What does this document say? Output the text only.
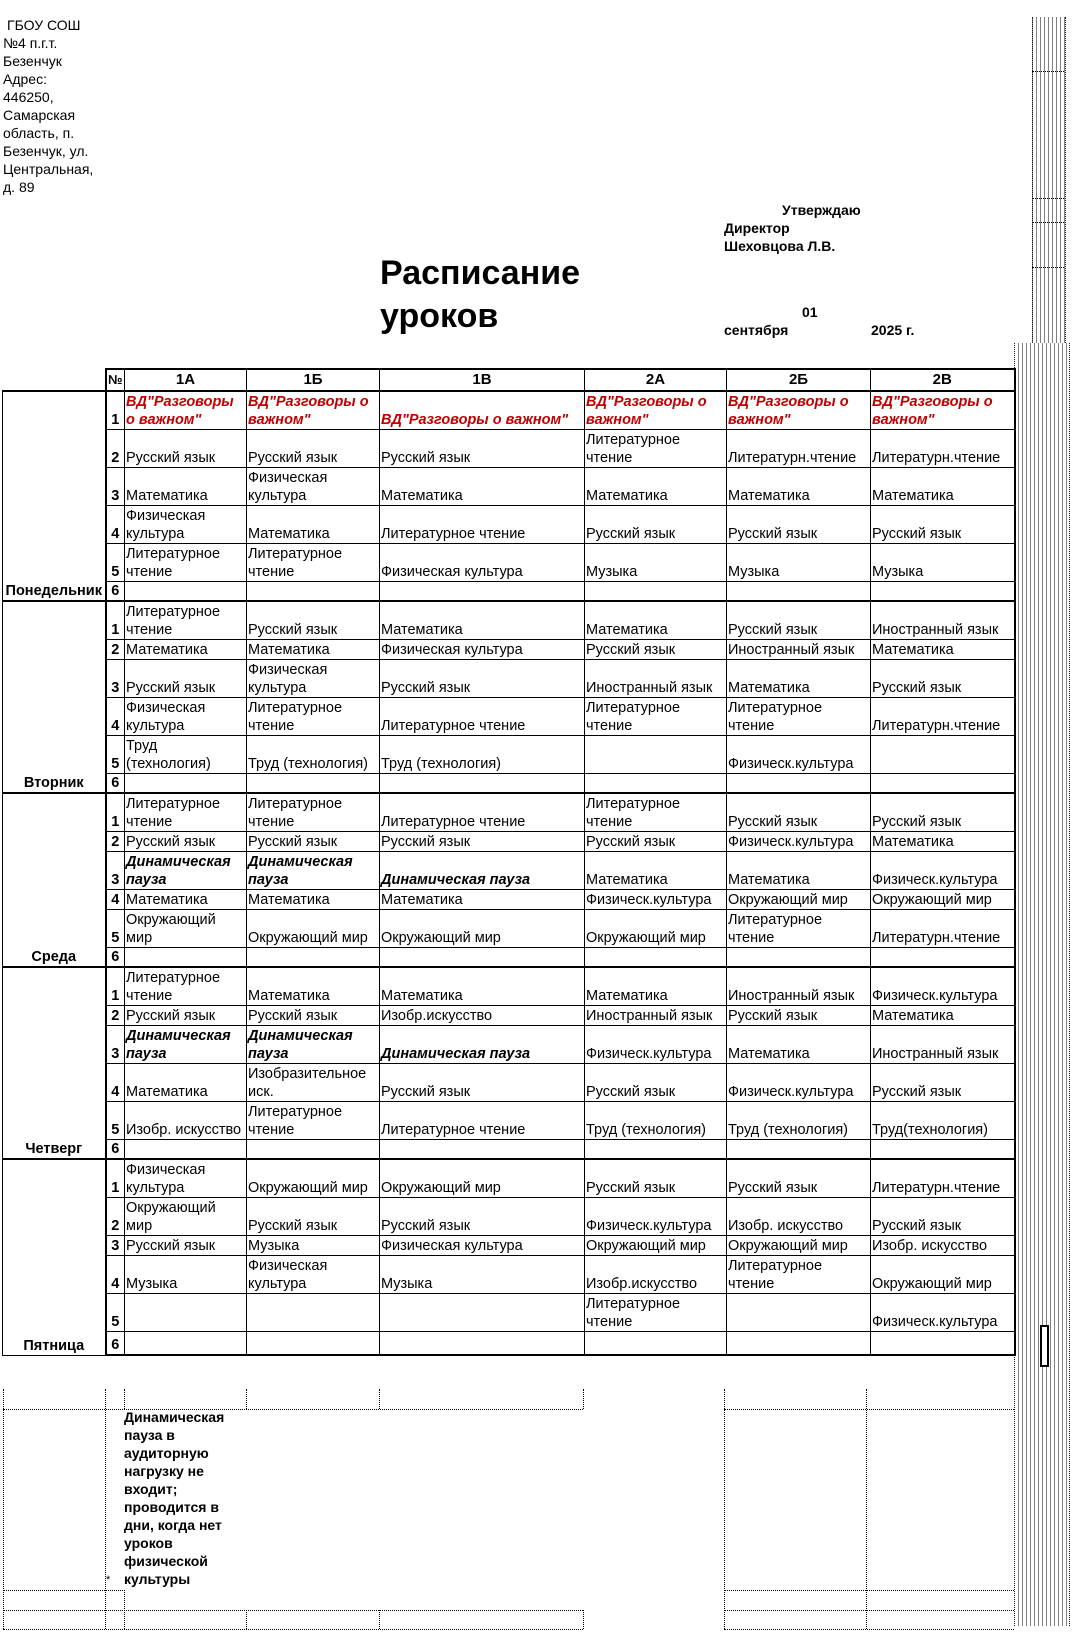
ГБОУ СОШ
№4 п.г.т.
Безенчук
Адрес:
446250,
Самарская
область, п.
Безенчук, ул.
Центральная,
д. 89
Утверждаю
Директор
Шеховцова Л.В.
01
сентября	2025 г.
Расписание
уроков
	№	1А	1Б	1В	2А	2Б	2В
Понедельник	1	ВД"Разговоры о важном"	ВД"Разговоры о важном"	ВД"Разговоры о важном"	ВД"Разговоры о важном"	ВД"Разговоры о важном"	ВД"Разговоры о важном"
	2	Русский язык	Русский язык	Русский язык	Литературное чтение	Литературн.чтение	Литературн.чтение
	3	Математика	Физическая культура	Математика	Математика	Математика	Математика
	4	Физическая культура	Математика	Литературное чтение	Русский язык	Русский язык	Русский язык
	5	Литературное чтение	Литературное чтение	Физическая культура	Музыка	Музыка	Музыка
	6						
Вторник	1	Литературное чтение	Русский язык	Математика	Математика	Русский язык	Иностранный язык
	2	Математика	Математика	Физическая культура	Русский язык	Иностранный язык	Математика
	3	Русский язык	Физическая культура	Русский язык	Иностранный язык	Математика	Русский язык
	4	Физическая культура	Литературное чтение	Литературное чтение	Литературное чтение	Литературное чтение	Литературн.чтение
	5	Труд (технология)	Труд (технология)	Труд (технология)		Физическ.культура	
	6						
Среда	1	Литературное чтение	Литературное чтение	Литературное чтение	Литературное чтение	Русский язык	Русский язык
	2	Русский язык	Русский язык	Русский язык	Русский язык	Физическ.культура	Математика
	3	Динамическая пауза	Динамическая пауза	Динамическая пауза	Математика	Математика	Физическ.культура
	4	Математика	Математика	Математика	Физическ.культура	Окружающий мир	Окружающий мир
	5	Окружающий мир	Окружающий мир	Окружающий мир	Окружающий мир	Литературное чтение	Литературн.чтение
	6						
Четверг	1	Литературное чтение	Математика	Математика	Математика	Иностранный язык	Физическ.культура
	2	Русский язык	Русский язык	Изобр.искусство	Иностранный язык	Русский язык	Математика
	3	Динамическая пауза	Динамическая пауза	Динамическая пауза	Физическ.культура	Математика	Иностранный язык
	4	Математика	Изобразительное иск.	Русский язык	Русский язык	Физическ.культура	Русский язык
	5	Изобр. искусство	Литературное чтение	Литературное чтение	Труд (технология)	Труд (технология)	Труд(технология)
	6						
Пятница	1	Физическая культура	Окружающий мир	Окружающий мир	Русский язык	Русский язык	Литературн.чтение
	2	Окружающий мир	Русский язык	Русский язык	Физическ.культура	Изобр. искусство	Русский язык
	3	Русский язык	Музыка	Физическая культура	Окружающий мир	Окружающий мир	Изобр. искусство
	4	Музыка	Физическая культура	Музыка	Изобр.искусство	Литературное чтение	Окружающий мир
	5				Литературное чтение		Физическ.культура
	6						
*
Динамическая пауза в аудиторную нагрузку не входит; проводится в дни, когда нет уроков физической культуры
